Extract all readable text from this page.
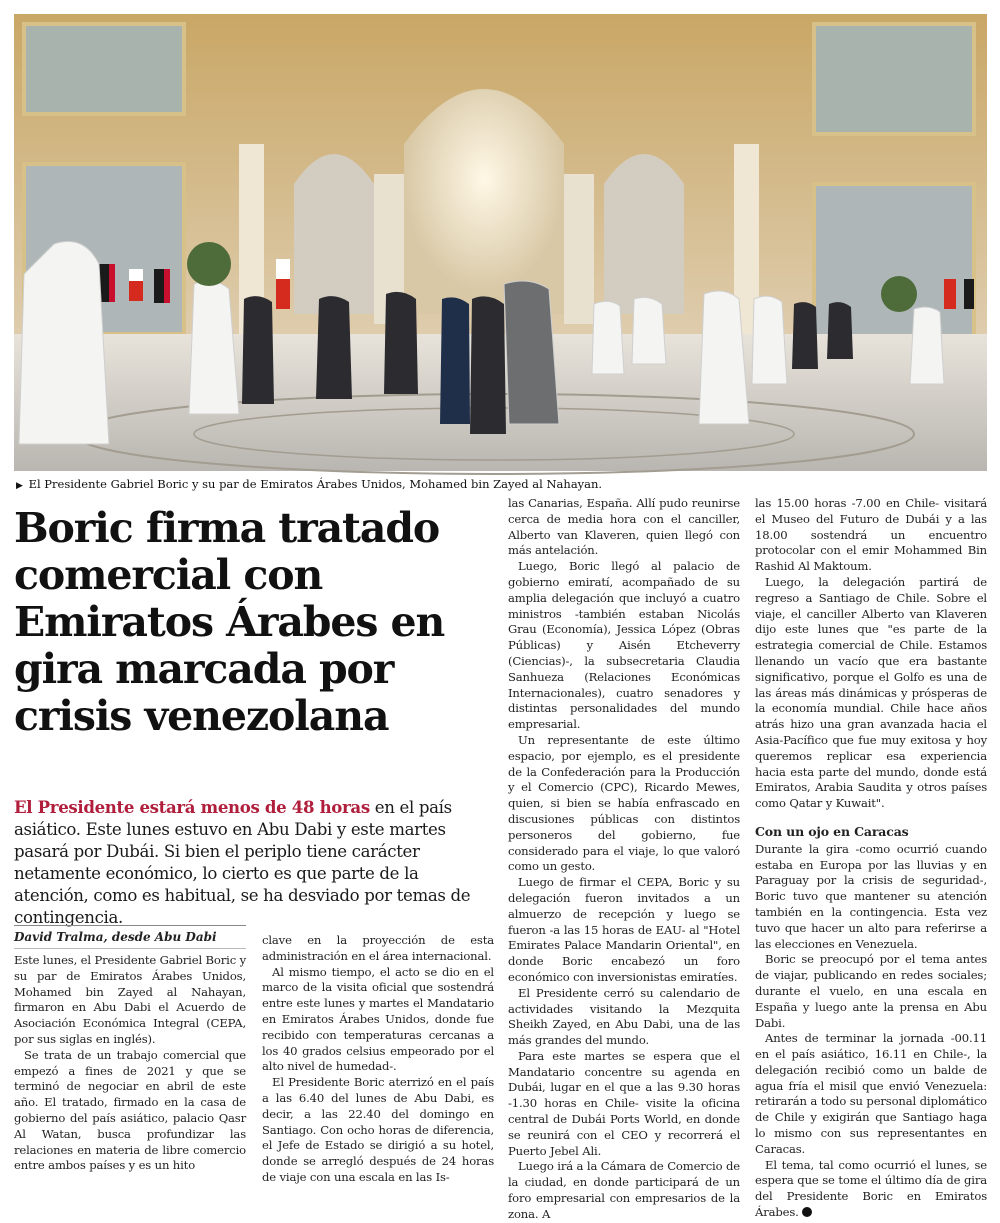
▶ El Presidente Gabriel Boric y su par de Emiratos Árabes Unidos, Mohamed bin Zayed al Nahayan.
Boric firma tratado comercial con Emiratos Árabes en gira marcada por crisis venezolana
El Presidente estará menos de 48 horas en el país asiático. Este lunes estuvo en Abu Dabi y este martes pasará por Dubái. Si bien el periplo tiene carácter netamente económico, lo cierto es que parte de la atención, como es habitual, se ha desviado por temas de contingencia.
David Tralma, desde Abu Dabi

Este lunes, el Presidente Gabriel Boric y su par de Emiratos Árabes Unidos, Mohamed bin Zayed al Nahayan, firmaron en Abu Dabi el Acuerdo de Asociación Económica Integral (CEPA, por sus siglas en inglés).

Se trata de un trabajo comercial que empezó a fines de 2021 y que se terminó de negociar en abril de este año. El tratado, firmado en la casa de gobierno del país asiático, palacio Qasr Al Watan, busca profundizar las relaciones en materia de libre comercio entre ambos países y es un hito

clave en la proyección de esta administración en el área internacional.

Al mismo tiempo, el acto se dio en el marco de la visita oficial que sostendrá entre este lunes y martes el Mandatario en Emiratos Árabes Unidos, donde fue recibido con temperaturas cercanas a los 40 grados celsius empeorado por el alto nivel de humedad-.

El Presidente Boric aterrizó en el país a las 6.40 del lunes de Abu Dabi, es decir, a las 22.40 del domingo en Santiago. Con ocho horas de diferencia, el Jefe de Estado se dirigió a su hotel, donde se arregló después de 24 horas de viaje con una escala en las Is-

las Canarias, España. Allí pudo reunirse cerca de media hora con el canciller, Alberto van Klaveren, quien llegó con más antelación.

Luego, Boric llegó al palacio de gobierno emiratí, acompañado de su amplia delegación que incluyó a cuatro ministros -también estaban Nicolás Grau (Economía), Jessica López (Obras Públicas) y Aisén Etcheverry (Ciencias)-, la subsecretaria Claudia Sanhueza (Relaciones Económicas Internacionales), cuatro senadores y distintas personalidades del mundo empresarial.

Un representante de este último espacio, por ejemplo, es el presidente de la Confederación para la Producción y el Comercio (CPC), Ricardo Mewes, quien, si bien se había enfrascado en discusiones públicas con distintos personeros del gobierno, fue considerado para el viaje, lo que valoró como un gesto.

Luego de firmar el CEPA, Boric y su delegación fueron invitados a un almuerzo de recepción y luego se fueron -a las 15 horas de EAU- al "Hotel Emirates Palace Mandarin Oriental", en donde Boric encabezó un foro económico con inversionistas emiratíes.

El Presidente cerró su calendario de actividades visitando la Mezquita Sheikh Zayed, en Abu Dabi, una de las más grandes del mundo.

Para este martes se espera que el Mandatario concentre su agenda en Dubái, lugar en el que a las 9.30 horas -1.30 horas en Chile- visite la oficina central de Dubái Ports World, en donde se reunirá con el CEO y recorrerá el Puerto Jebel Ali.

Luego irá a la Cámara de Comercio de la ciudad, en donde participará de un foro empresarial con empresarios de la zona. A

las 15.00 horas -7.00 en Chile- visitará el Museo del Futuro de Dubái y a las 18.00 sostendrá un encuentro protocolar con el emir Mohammed Bin Rashid Al Maktoum.

Luego, la delegación partirá de regreso a Santiago de Chile. Sobre el viaje, el canciller Alberto van Klaveren dijo este lunes que "es parte de la estrategia comercial de Chile. Estamos llenando un vacío que era bastante significativo, porque el Golfo es una de las áreas más dinámicas y prósperas de la economía mundial. Chile hace años atrás hizo una gran avanzada hacia el Asia-Pacífico que fue muy exitosa y hoy queremos replicar esa experiencia hacia esta parte del mundo, donde está Emiratos, Arabia Saudita y otros países como Qatar y Kuwait".

Con un ojo en Caracas

Durante la gira -como ocurrió cuando estaba en Europa por las lluvias y en Paraguay por la crisis de seguridad-, Boric tuvo que mantener su atención también en la contingencia. Esta vez tuvo que hacer un alto para referirse a las elecciones en Venezuela.

Boric se preocupó por el tema antes de viajar, publicando en redes sociales; durante el vuelo, en una escala en España y luego ante la prensa en Abu Dabi.

Antes de terminar la jornada -00.11 en el país asiático, 16.11 en Chile-, la delegación recibió como un balde de agua fría el misil que envió Venezuela: retirarán a todo su personal diplomático de Chile y exigirán que Santiago haga lo mismo con sus representantes en Caracas.

El tema, tal como ocurrió el lunes, se espera que se tome el último día de gira del Presidente Boric en Emiratos Árabes.
